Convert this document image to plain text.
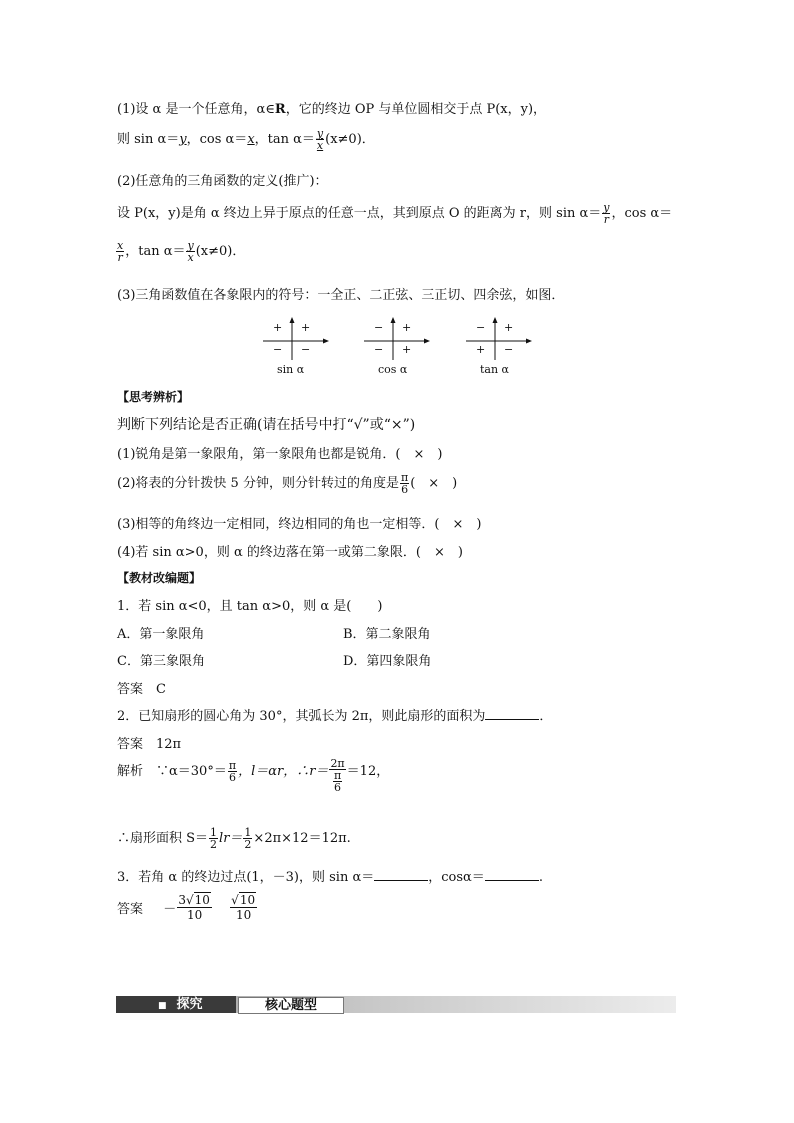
(1)设 α 是一个任意角，α∈R，它的终边 OP 与单位圆相交于点 P(x，y)，
则 sin α＝y，cos α＝x，$\tan \alpha= \frac{y}{x} (x\ne 0)$．
(2)任意角的三角函数的定义(推广)：
设 P(x，y)是角 α 终边上异于原点的任意一点，其到原点 O 的距离为 r，则 $\sin \alpha= \frac{y}{r}$ ，cos α＝
$\frac{x}{r}$ ，$\tan \alpha= \frac{y}{x} (x\ne 0)$．
(3)三角函数值在各象限内的符号：一全正、二正弦、三正切、四余弦，如图．
+ +
− −
sin α
− +
− +
cos α
− +
+ −
tan α
【思考辨析】
判断下列结论是否正确(请在括号中打“√”或“×”)
(1)锐角是第一象限角，第一象限角也都是锐角．(　×　)
(2)将表的分针拨快 5 分钟，则分针转过的角度是 $\frac{\pi}{6}$ (　×　)
(3)相等的角终边一定相同，终边相同的角也一定相等．(　×　)
(4)若 sin α>0，则 α 的终边落在第一或第二象限．(　×　)
【教材改编题】
1．若 sin α<0，且 tan α>0，则 α 是(　　)
A．第一象限角	B．第二象限角
C．第三象限角	D．第四象限角
答案　C
2．已知扇形的圆心角为 30°，其弧长为 2π，则此扇形的面积为	．
答案　12π
解析　∵α＝30°＝ $\frac{\pi}{6}$ ，l＝αr，∴r＝ $\frac{2\pi}{\frac{\pi}{6}} =12$，
∴扇形面积 $S= \frac{1}{2} lr= \frac{1}{2} \times 2\pi\times 12=12\pi$.
3．若角 α 的终边过点(1，－3)，则 sin α＝	，cosα＝	.
答案 － $\frac{3√10}{10}$
$\frac{√10}{10}$
■ 探究	核心题型
